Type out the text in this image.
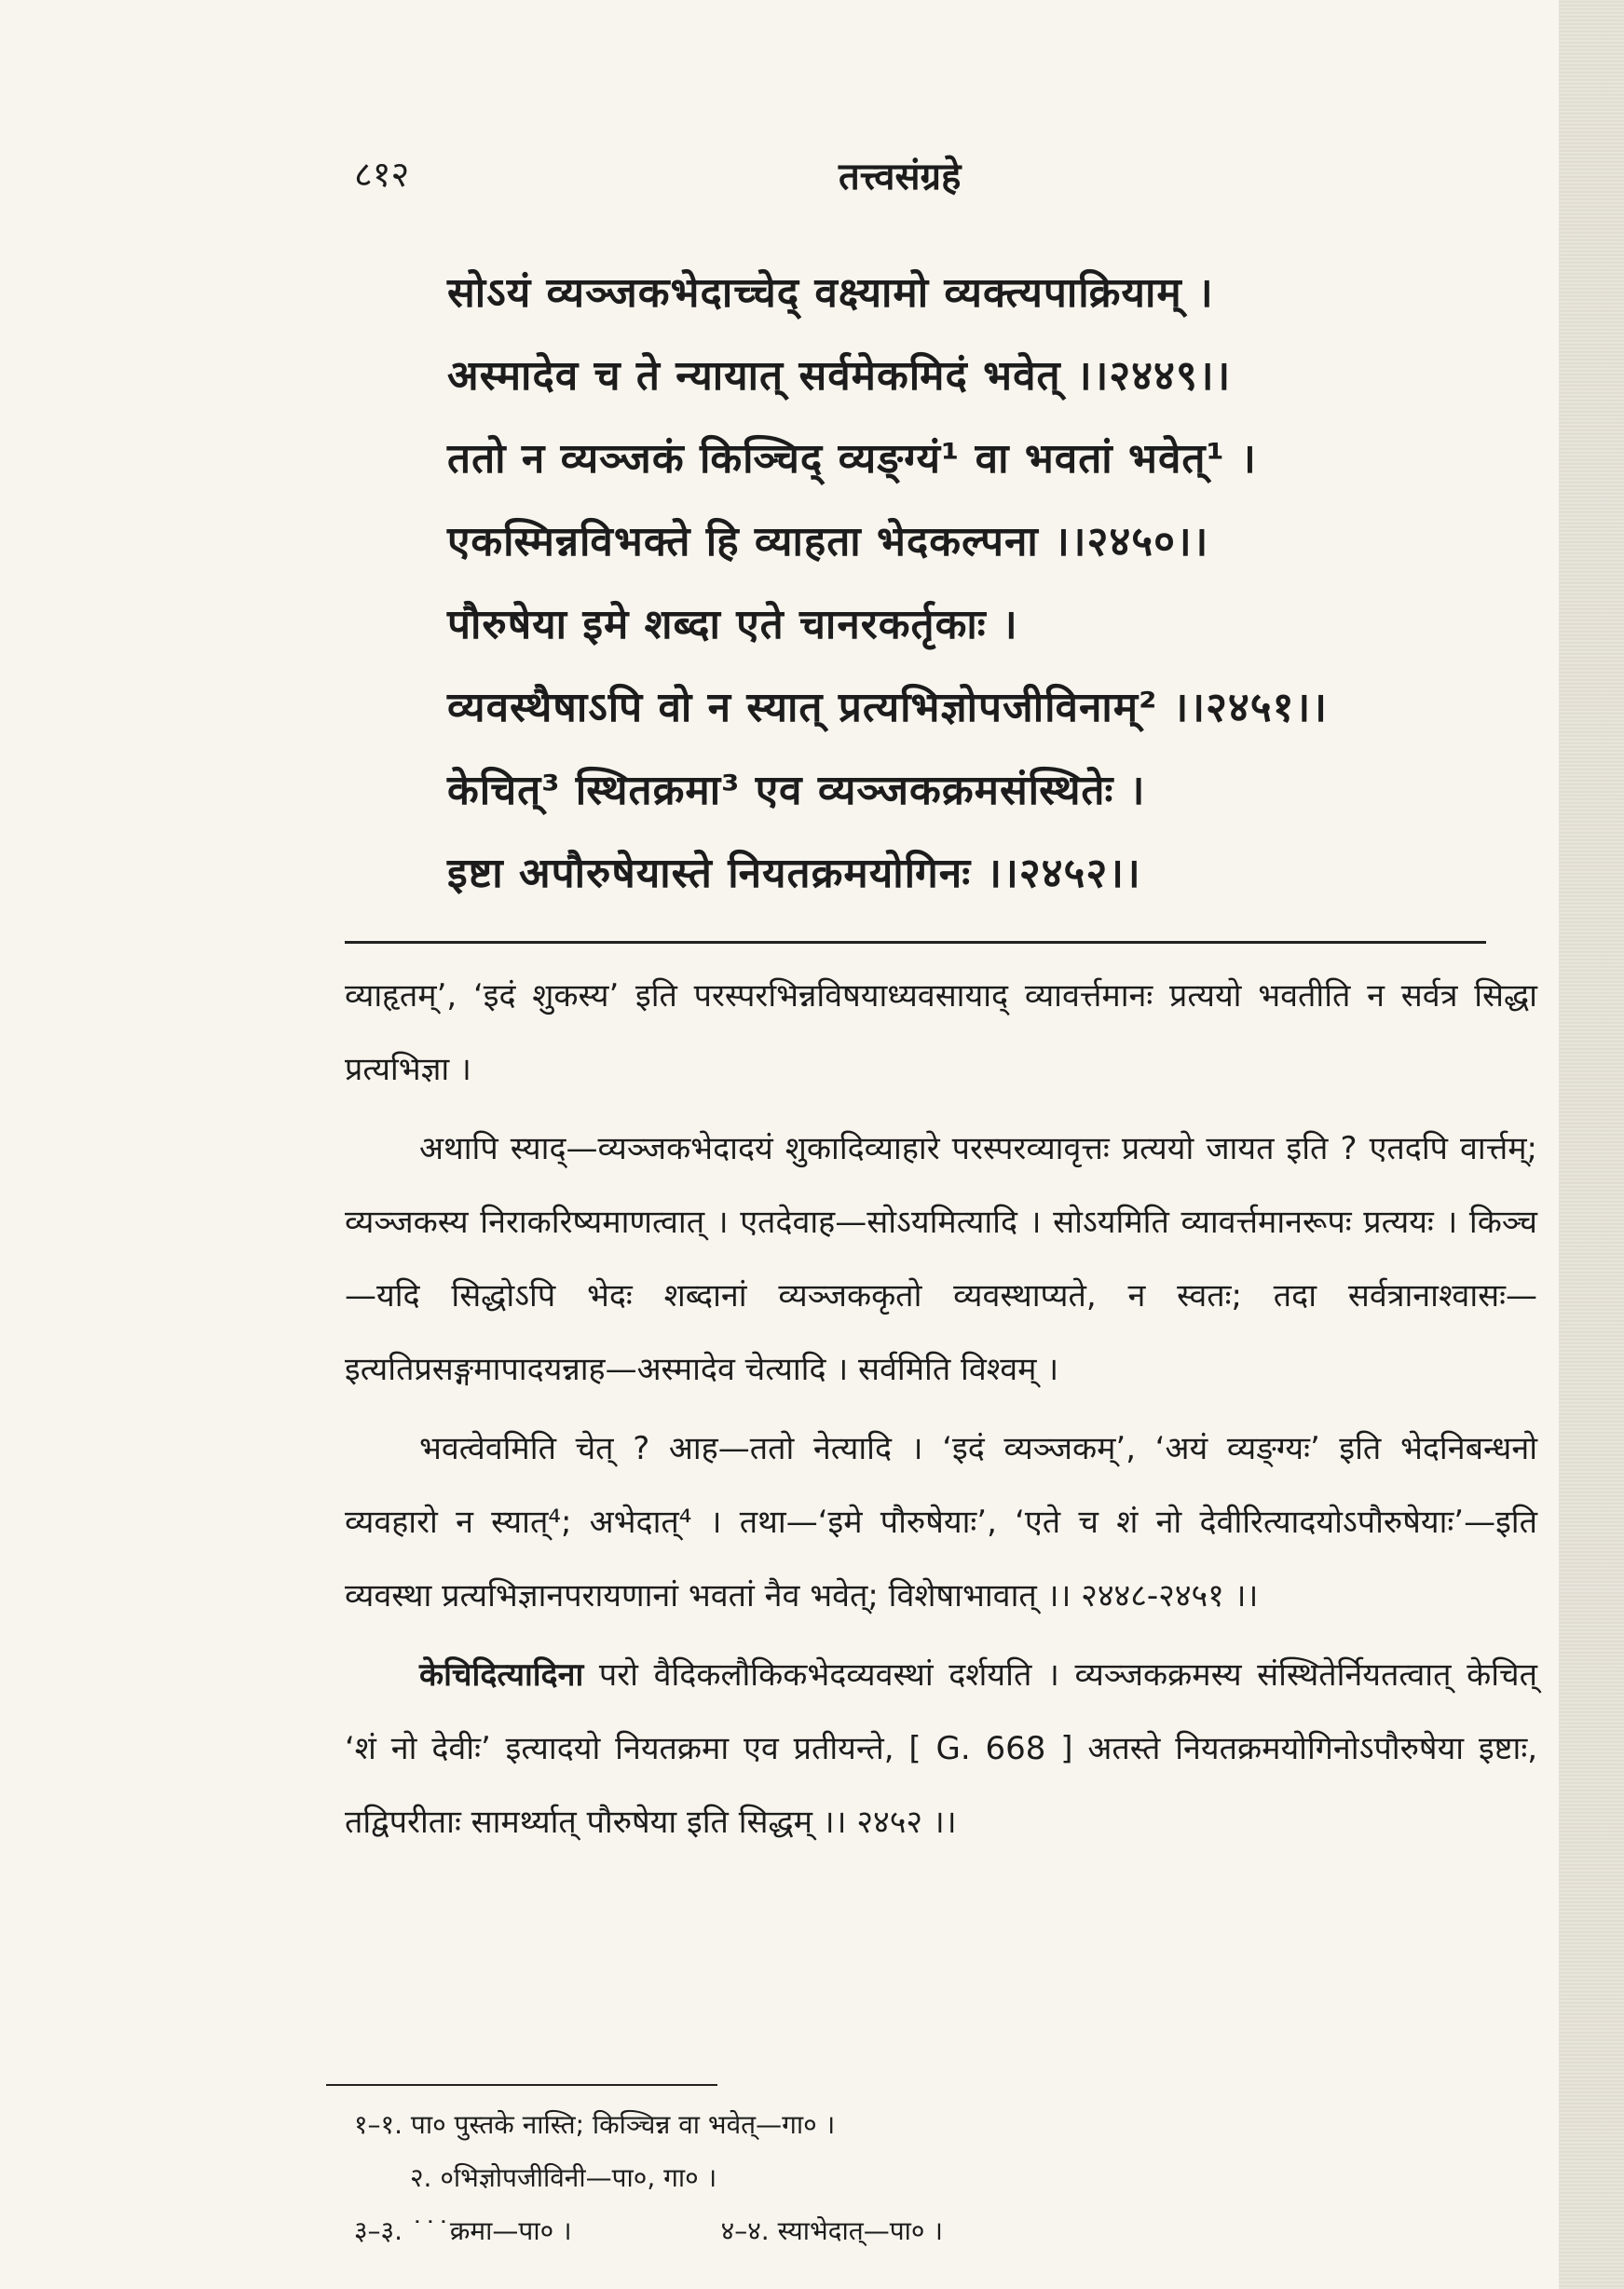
८१२	तत्त्वसंग्रहे
सोऽयं व्यञ्जकभेदाच्चेद् वक्ष्यामो व्यक्त्यपाक्रियाम् ।
अस्मादेव च ते न्यायात् सर्वमेकमिदं भवेत् ।।२४४९।।
ततो न व्यञ्जकं किञ्चिद् व्यङ्ग्यं¹ वा भवतां भवेत्¹ ।
एकस्मिन्नविभक्ते हि व्याहता भेदकल्पना ।।२४५०।।
पौरुषेया इमे शब्दा एते चानरकर्तृकाः ।
व्यवस्थैषाऽपि वो न स्यात् प्रत्यभिज्ञोपजीविनाम्² ।।२४५१।।
केचित्³ स्थितक्रमा³ एव व्यञ्जकक्रमसंस्थितेः ।
इष्टा अपौरुषेयास्ते नियतक्रमयोगिनः ।।२४५२।।

व्याहृतम्’, ‘इदं शुकस्य’ इति परस्परभिन्नविषयाध्यवसायाद् व्यावर्त्तमानः प्रत्ययो भवतीति न सर्वत्र सिद्धा प्रत्यभिज्ञा ।

अथापि स्याद्—व्यञ्जकभेदादयं शुकादिव्याहारे परस्परव्यावृत्तः प्रत्ययो जायत इति ? एतदपि वार्त्तम्; व्यञ्जकस्य निराकरिष्यमाणत्वात् । एतदेवाह—सोऽयमित्यादि । सोऽयमिति व्यावर्त्तमानरूपः प्रत्ययः । किञ्च—यदि सिद्धोऽपि भेदः शब्दानां व्यञ्जककृतो व्यवस्थाप्यते, न स्वतः; तदा सर्वत्रानाश्वासः—इत्यतिप्रसङ्गमापादयन्नाह—अस्मादेव चेत्यादि । सर्वमिति विश्वम् ।

भवत्वेवमिति चेत् ? आह—ततो नेत्यादि । ‘इदं व्यञ्जकम्’, ‘अयं व्यङ्ग्यः’ इति भेदनिबन्धनो व्यवहारो न स्यात्⁴; अभेदात्⁴ । तथा—‘इमे पौरुषेयाः’, ‘एते च शं नो देवीरित्यादयोऽपौरुषेयाः’—इति व्यवस्था प्रत्यभिज्ञानपरायणानां भवतां नैव भवेत्; विशेषाभावात् ।। २४४८-२४५१ ।।

केचिदित्यादिना परो वैदिकलौकिकभेदव्यवस्थां दर्शयति । व्यञ्जकक्रमस्य संस्थितेर्नियतत्वात् केचित् ‘शं नो देवीः’ इत्यादयो नियतक्रमा एव प्रतीयन्ते, [ G. 668 ] अतस्ते नियतक्रमयोगिनोऽपौरुषेया इष्टाः, तद्विपरीताः सामर्थ्यात् पौरुषेया इति सिद्धम् ।। २४५२ ।।

१–१. पा० पुस्तके नास्ति; किञ्चिन्न वा भवेत्—गा० ।
२. ०भिज्ञोपजीविनी—पा०, गा० ।
३–३. ˙˙˙क्रमा—पा० ।	४–४. स्याभेदात्—पा० ।
